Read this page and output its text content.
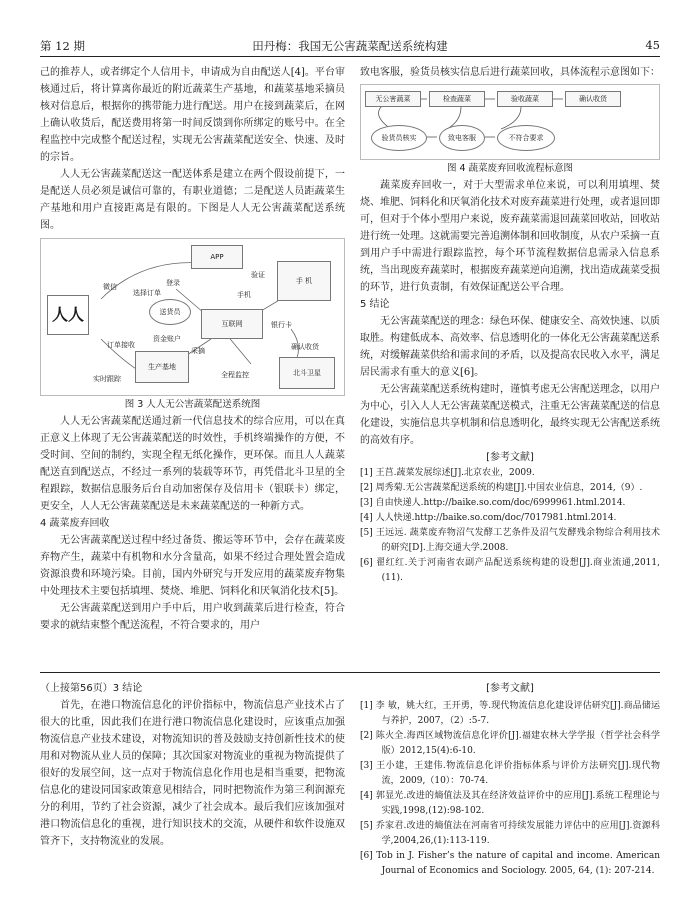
第 12 期	田丹梅：我国无公害蔬菜配送系统构建	45

己的推荐人，或者绑定个人信用卡，申请成为自由配送人[4]。平台审核通过后，将计算离你最近的附近蔬菜生产基地，和蔬菜基地采摘员核对信息后，根据你的携带能力进行配送。用户在接到蔬菜后，在网上确认收货后，配送费用将第一时间反馈到你所绑定的账号中。在全程监控中完成整个配送过程，实现无公害蔬菜配送安全、快速、及时的宗旨。

人人无公害蔬菜配送这一配送体系是建立在两个假设前提下，一是配送人员必须是诚信可靠的，有职业道德；二是配送人员距蔬菜生产基地和用户直接距离是有限的。下图是人人无公害蔬菜配送系统图。

人人
APP
手 机
互联网
生产基地
北斗卫星
送货员
选择订单
登录
验证
手机
微信
订单接收
资金账户
实时跟踪
采摘
全程监控
银行卡
确认收货

图 3 人人无公害蔬菜配送系统图

人人无公害蔬菜配送通过新一代信息技术的综合应用，可以在真正意义上体现了无公害蔬菜配送的时效性，手机终端操作的方便，不受时间、空间的制约，实现全程无纸化操作，更环保。而且人人蔬菜配送直到配送点，不经过一系列的装载等环节，再凭借北斗卫星的全程跟踪，数据信息服务后台自动加密保存及信用卡（银联卡）绑定，更安全，人人无公害蔬菜配送是未来蔬菜配送的一种新方式。

4 蔬菜废弃回收

无公害蔬菜配送过程中经过备货、搬运等环节中，会存在蔬菜废弃物产生，蔬菜中有机物和水分含量高，如果不经过合理处置会造成资源浪费和环境污染。目前，国内外研究与开发应用的蔬菜废弃物集中处理技术主要包括填埋、焚烧、堆肥、饲料化和厌氧消化技术[5]。

无公害蔬菜配送到用户手中后，用户收到蔬菜后进行检查，符合要求的就结束整个配送流程，不符合要求的，用户

致电客服，验货员核实信息后进行蔬菜回收，具体流程示意图如下：

无公害蔬菜	检查蔬菜	验收蔬菜	确认收货
验货员核实	致电客服	不符合要求

图 4 蔬菜废弃回收流程标意图

蔬菜废弃回收一，对于大型需求单位来说，可以利用填埋、焚烧、堆肥、饲料化和厌氧消化技术对废弃蔬菜进行处理，或者退回即可，但对于个体小型用户来说，废弃蔬菜需退回蔬菜回收站，回收站进行统一处理。这就需要完善追溯体制和回收制度，从农户采摘一直到用户手中需进行跟踪监控，每个环节流程数据信息需录入信息系统，当出现废弃蔬菜时，根据废弃蔬菜逆向追溯，找出造成蔬菜受损的环节，进行负责制，有效保证配送公平合理。

5 结论

无公害蔬菜配送的理念：绿色环保、健康安全、高效快速、以质取胜。构建低成本、高效率、信息透明化的一体化无公害蔬菜配送系统，对缓解蔬菜供给和需求间的矛盾，以及提高农民收入水平，满足居民需求有重大的意义[6]。

无公害蔬菜配送系统构建时，谨慎考虑无公害配送理念，以用户为中心，引入人人无公害蔬菜配送模式，注重无公害蔬菜配送的信息化建设，实施信息共享机制和信息透明化，最终实现无公害配送系统的高效有序。

[参考文献]

[1] 王莒.蔬菜发展综述[J].北京农业，2009.

[2] 周秀菊.无公害蔬菜配送系统的构建[J].中国农业信息，2014,（9）.

[3] 自由快递人.http://baike.so.com/doc/6999961.html.2014.

[4] 人人快递.http://baike.so.com/doc/7017981.html.2014.

[5] 王远远. 蔬菜废弃物沼气发酵工艺条件及沼气发酵残余物综合利用技术的研究[D].上海交通大学.2008.

[6] 翟红红.关于河南省农副产品配送系统构建的设想[J].商业流通,2011,(11).

（上接第56页）3 结论

首先，在港口物流信息化的评价指标中，物流信息产业技术占了很大的比重，因此我们在进行港口物流信息化建设时，应该重点加强物流信息产业技术建设，对物流知识的普及鼓励支持创新性技术的使用和对物流从业人员的保障；其次国家对物流业的重视为物流提供了很好的发展空间，这一点对于物流信息化作用也是相当重要，把物流信息化的建设同国家政策意见相结合，同时把物流作为第三利润源充分的利用，节约了社会资源，减少了社会成本。最后我们应该加强对港口物流信息化的重视，进行知识技术的交流，从硬件和软件设施双管齐下，支持物流业的发展。

[参考文献]

[1] 李 敏，姚大红，王开勇，等.现代物流信息化建设评估研究[J].商品储运与养护，2007，（2）:5-7.

[2] 陈火全.海西区域物流信息化评价[J].福建农林大学学报（哲学社会科学版）2012,15(4):6-10.

[3] 王小建，王建伟.物流信息化评价指标体系与评价方法研究[J].现代物流，2009,（10）：70-74.

[4] 郭显光.改进的熵值法及其在经济效益评价中的应用[J].系统工程理论与实践,1998,(12):98-102.

[5] 乔家君.改进的熵值法在河南省可持续发展能力评估中的应用[J].资源科学,2004,26,(1):113-119.

[6] Tob in J. Fisher’s the nature of capital and income. American Journal of Economics and Sociology. 2005, 64, (1): 207-214.
